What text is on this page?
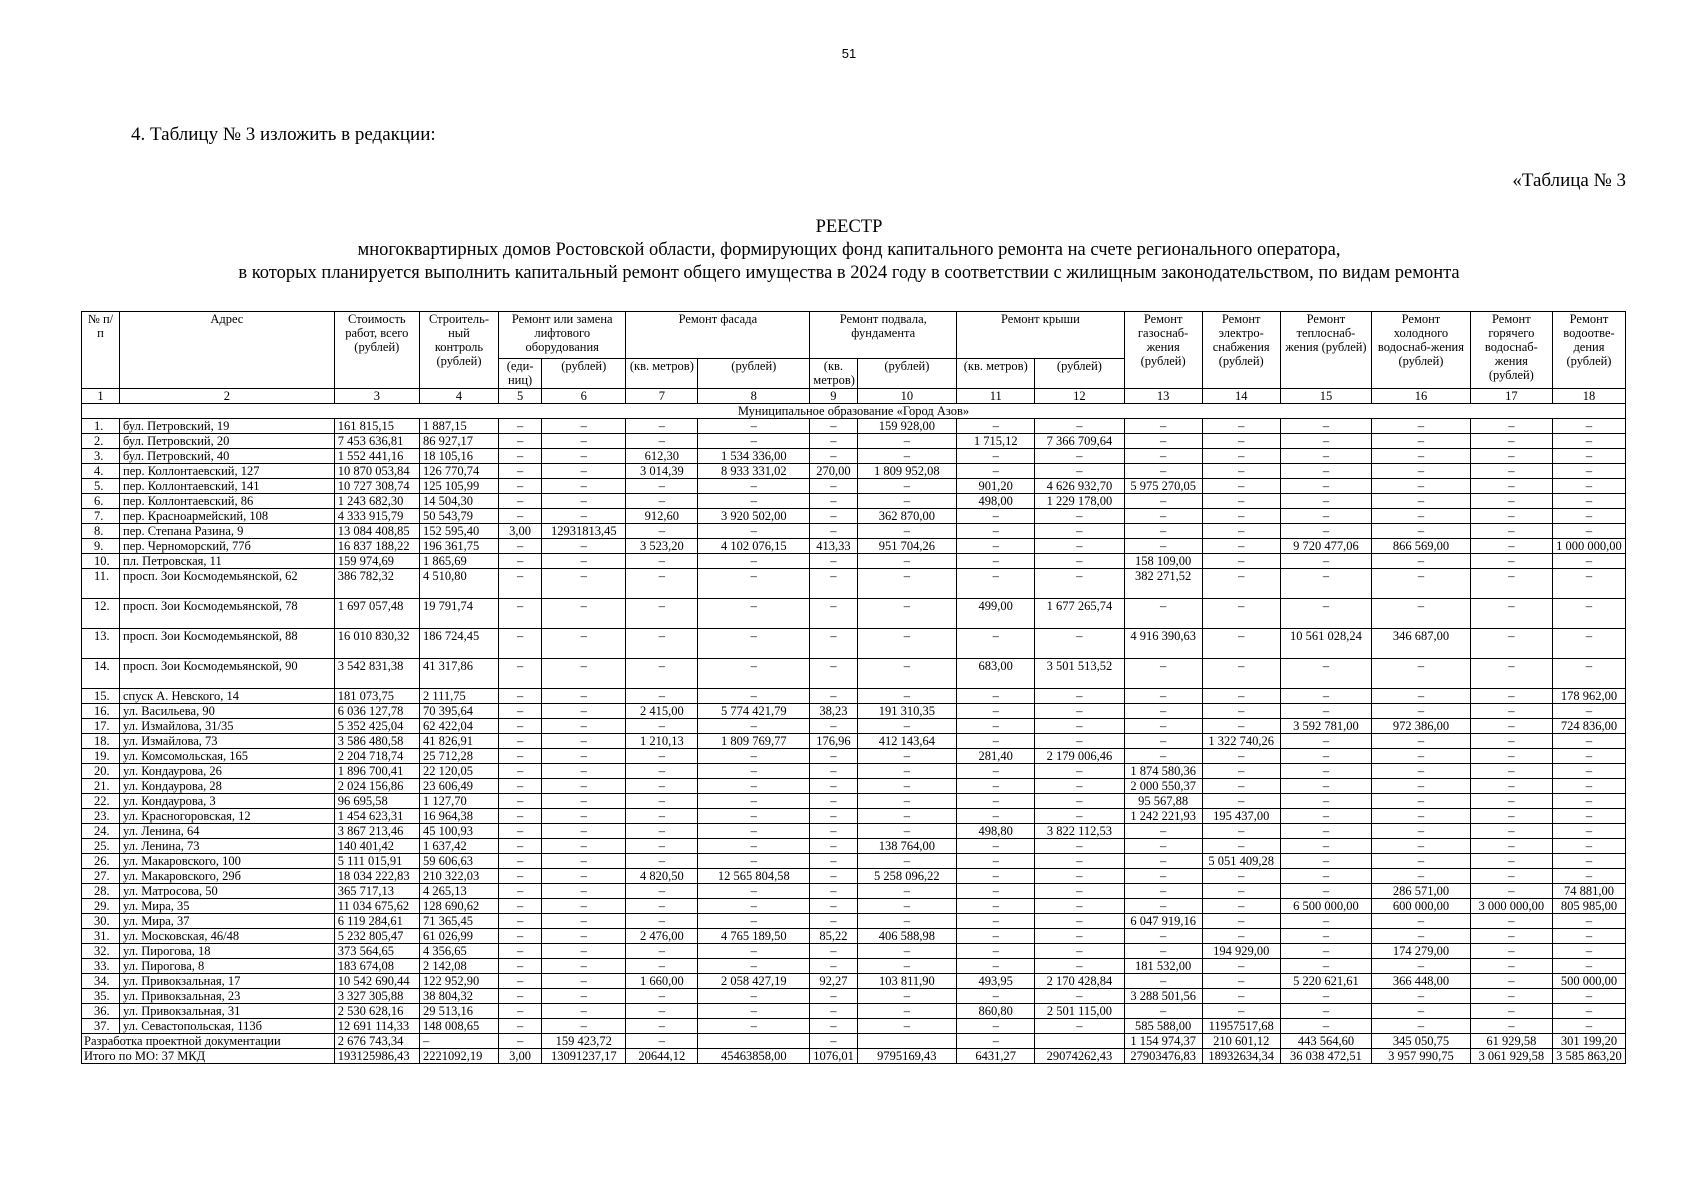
51
4. Таблицу № 3 изложить в редакции:
«Таблица № 3
РЕЕСТР
многоквартирных домов Ростовской области, формирующих фонд капитального ремонта на счете регионального оператора,
в которых планируется выполнить капитальный ремонт общего имущества в 2024 году в соответствии с жилищным законодательством, по видам ремонта
№ п/п	Адрес	Стоимость работ, всего (рублей)	Строитель-ный контроль (рублей)	Ремонт или замена лифтового оборудования		Ремонт фасада		Ремонт подвала, фундамента		Ремонт крыши		Ремонт газоснаб-жения (рублей)	Ремонт электро-снабжения (рублей)	Ремонт теплоснаб-жения (рублей)	Ремонт холодного водоснаб-жения (рублей)	Ремонт горячего водоснаб-жения (рублей)	Ремонт водоотве-дения (рублей)
				(еди-ниц)	(рублей)	(кв. метров)	(рублей)	(кв. метров)	(рублей)	(кв. метров)	(рублей)						
1	2	3	4	5	6	7	8	9	10	11	12	13	14	15	16	17	18
Муниципальное образование «Город Азов»																	
1.	бул. Петровский, 19	161 815,15	1 887,15	–	–	–	–	–	159 928,00	–	–	–	–	–	–	–	–
2.	бул. Петровский, 20	7 453 636,81	86 927,17	–	–	–	–	–	–	1 715,12	7 366 709,64	–	–	–	–	–	–
3.	бул. Петровский, 40	1 552 441,16	18 105,16	–	–	612,30	1 534 336,00	–	–	–	–	–	–	–	–	–	–
4.	пер. Коллонтаевский, 127	10 870 053,84	126 770,74	–	–	3 014,39	8 933 331,02	270,00	1 809 952,08	–	–	–	–	–	–	–	–
5.	пер. Коллонтаевский, 141	10 727 308,74	125 105,99	–	–	–	–	–	–	901,20	4 626 932,70	5 975 270,05	–	–	–	–	–
6.	пер. Коллонтаевский, 86	1 243 682,30	14 504,30	–	–	–	–	–	–	498,00	1 229 178,00	–	–	–	–	–	–
7.	пер. Красноармейский, 108	4 333 915,79	50 543,79	–	–	912,60	3 920 502,00	–	362 870,00	–	–	–	–	–	–	–	–
8.	пер. Степана Разина, 9	13 084 408,85	152 595,40	3,00	12931813,45	–	–	–	–	–	–	–	–	–	–	–	–
9.	пер. Черноморский, 77б	16 837 188,22	196 361,75	–	–	3 523,20	4 102 076,15	413,33	951 704,26	–	–	–	–	9 720 477,06	866 569,00	–	1 000 000,00
10.	пл. Петровская, 11	159 974,69	1 865,69	–	–	–	–	–	–	–	–	158 109,00	–	–	–	–	–
11.	просп. Зои Космодемьянской, 62	386 782,32	4 510,80	–	–	–	–	–	–	–	–	382 271,52	–	–	–	–	–
12.	просп. Зои Космодемьянской, 78	1 697 057,48	19 791,74	–	–	–	–	–	–	499,00	1 677 265,74	–	–	–	–	–	–
13.	просп. Зои Космодемьянской, 88	16 010 830,32	186 724,45	–	–	–	–	–	–	–	–	4 916 390,63	–	10 561 028,24	346 687,00	–	–
14.	просп. Зои Космодемьянской, 90	3 542 831,38	41 317,86	–	–	–	–	–	–	683,00	3 501 513,52	–	–	–	–	–	–
15.	спуск А. Невского, 14	181 073,75	2 111,75	–	–	–	–	–	–	–	–	–	–	–	–	–	178 962,00
16.	ул. Васильева, 90	6 036 127,78	70 395,64	–	–	2 415,00	5 774 421,79	38,23	191 310,35	–	–	–	–	–	–	–	–
17.	ул. Измайлова, 31/35	5 352 425,04	62 422,04	–	–	–	–	–	–	–	–	–	–	3 592 781,00	972 386,00	–	724 836,00
18.	ул. Измайлова, 73	3 586 480,58	41 826,91	–	–	1 210,13	1 809 769,77	176,96	412 143,64	–	–	–	1 322 740,26	–	–	–	–
19.	ул. Комсомольская, 165	2 204 718,74	25 712,28	–	–	–	–	–	–	281,40	2 179 006,46	–	–	–	–	–	–
20.	ул. Кондаурова, 26	1 896 700,41	22 120,05	–	–	–	–	–	–	–	–	1 874 580,36	–	–	–	–	–
21.	ул. Кондаурова, 28	2 024 156,86	23 606,49	–	–	–	–	–	–	–	–	2 000 550,37	–	–	–	–	–
22.	ул. Кондаурова, 3	96 695,58	1 127,70	–	–	–	–	–	–	–	–	95 567,88	–	–	–	–	–
23.	ул. Красногоровская, 12	1 454 623,31	16 964,38	–	–	–	–	–	–	–	–	1 242 221,93	195 437,00	–	–	–	–
24.	ул. Ленина, 64	3 867 213,46	45 100,93	–	–	–	–	–	–	498,80	3 822 112,53	–	–	–	–	–	–
25.	ул. Ленина, 73	140 401,42	1 637,42	–	–	–	–	–	138 764,00	–	–	–	–	–	–	–	–
26.	ул. Макаровского, 100	5 111 015,91	59 606,63	–	–	–	–	–	–	–	–	–	5 051 409,28	–	–	–	–
27.	ул. Макаровского, 29б	18 034 222,83	210 322,03	–	–	4 820,50	12 565 804,58	–	5 258 096,22	–	–	–	–	–	–	–	–
28.	ул. Матросова, 50	365 717,13	4 265,13	–	–	–	–	–	–	–	–	–	–	–	286 571,00	–	74 881,00
29.	ул. Мира, 35	11 034 675,62	128 690,62	–	–	–	–	–	–	–	–	–	–	6 500 000,00	600 000,00	3 000 000,00	805 985,00
30.	ул. Мира, 37	6 119 284,61	71 365,45	–	–	–	–	–	–	–	–	6 047 919,16	–	–	–	–	–
31.	ул. Московская, 46/48	5 232 805,47	61 026,99	–	–	2 476,00	4 765 189,50	85,22	406 588,98	–	–	–	–	–	–	–	–
32.	ул. Пирогова, 18	373 564,65	4 356,65	–	–	–	–	–	–	–	–	–	194 929,00	–	174 279,00	–	–
33.	ул. Пирогова, 8	183 674,08	2 142,08	–	–	–	–	–	–	–	–	181 532,00	–	–	–	–	–
34.	ул. Привокзальная, 17	10 542 690,44	122 952,90	–	–	1 660,00	2 058 427,19	92,27	103 811,90	493,95	2 170 428,84	–	–	5 220 621,61	366 448,00	–	500 000,00
35.	ул. Привокзальная, 23	3 327 305,88	38 804,32	–	–	–	–	–	–	–	–	3 288 501,56	–	–	–	–	–
36.	ул. Привокзальная, 31	2 530 628,16	29 513,16	–	–	–	–	–	–	860,80	2 501 115,00	–	–	–	–	–	–
37.	ул. Севастопольская, 113б	12 691 114,33	148 008,65	–	–	–	–	–	–	–	–	585 588,00	11957517,68	–	–	–	–
Разработка проектной документации		2 676 743,34	–	–	159 423,72	–		–		–		1 154 974,37	210 601,12	443 564,60	345 050,75	61 929,58	301 199,20
Итого по МО: 37 МКД		193125986,43	2221092,19	3,00	13091237,17	20644,12	45463858,00	1076,01	9795169,43	6431,27	29074262,43	27903476,83	18932634,34	36 038 472,51	3 957 990,75	3 061 929,58	3 585 863,20
